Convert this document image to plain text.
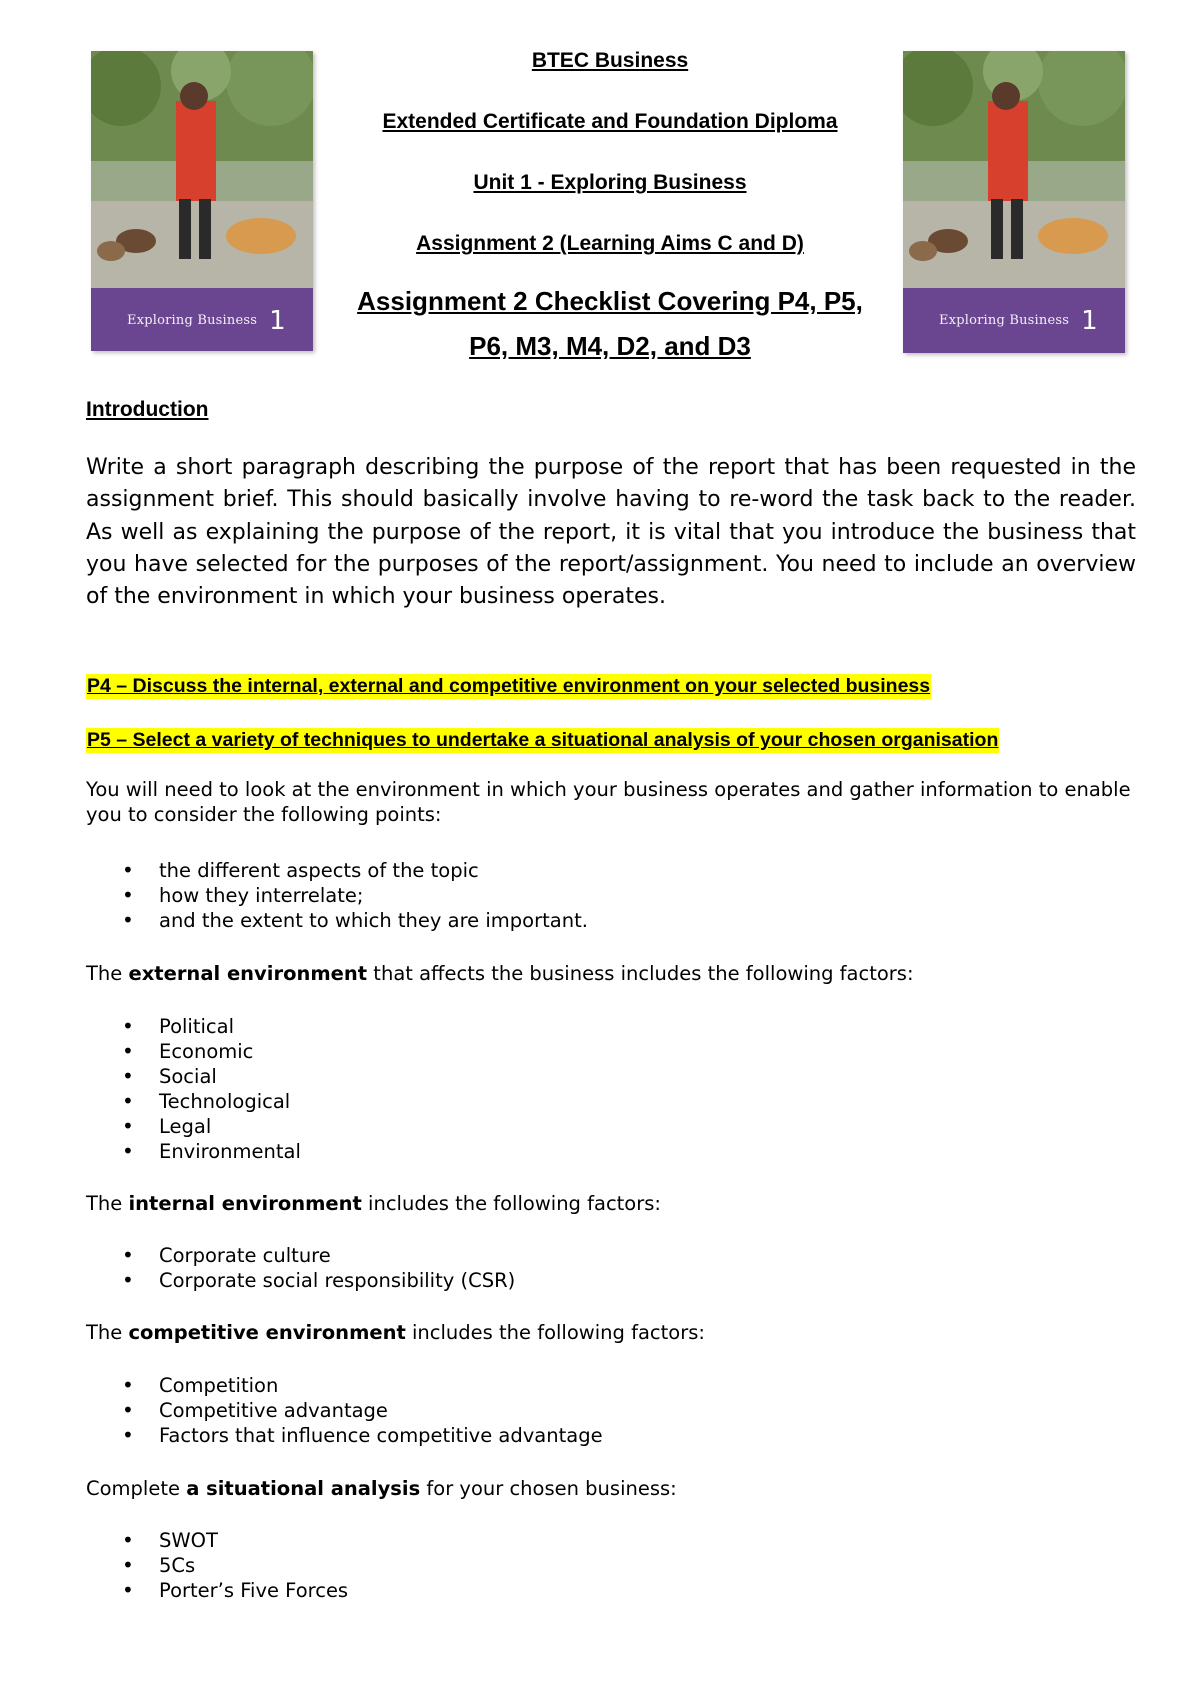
Exploring Business 1	Exploring Business 1
BTEC Business
Extended Certificate and Foundation Diploma
Unit 1 - Exploring Business
Assignment 2 (Learning Aims C and D)
Assignment 2 Checklist Covering P4, P5,
P6, M3, M4, D2, and D3
Introduction

Write a short paragraph describing the purpose of the report that has been requested in the assignment brief. This should basically involve having to re-word the task back to the reader. As well as explaining the purpose of the report, it is vital that you introduce the business that you have selected for the purposes of the report/assignment. You need to include an overview of the environment in which your business operates.

P4 – Discuss the internal, external and competitive environment on your selected business
P5 – Select a variety of techniques to undertake a situational analysis of your chosen organisation

You will need to look at the environment in which your business operates and gather information to enable you to consider the following points:

• the different aspects of the topic
• how they interrelate;
• and the extent to which they are important.

The external environment that affects the business includes the following factors:

• Political
• Economic
• Social
• Technological
• Legal
• Environmental

The internal environment includes the following factors:

• Corporate culture
• Corporate social responsibility (CSR)

The competitive environment includes the following factors:

• Competition
• Competitive advantage
• Factors that influence competitive advantage

Complete a situational analysis for your chosen business:

• SWOT
• 5Cs
• Porter’s Five Forces
